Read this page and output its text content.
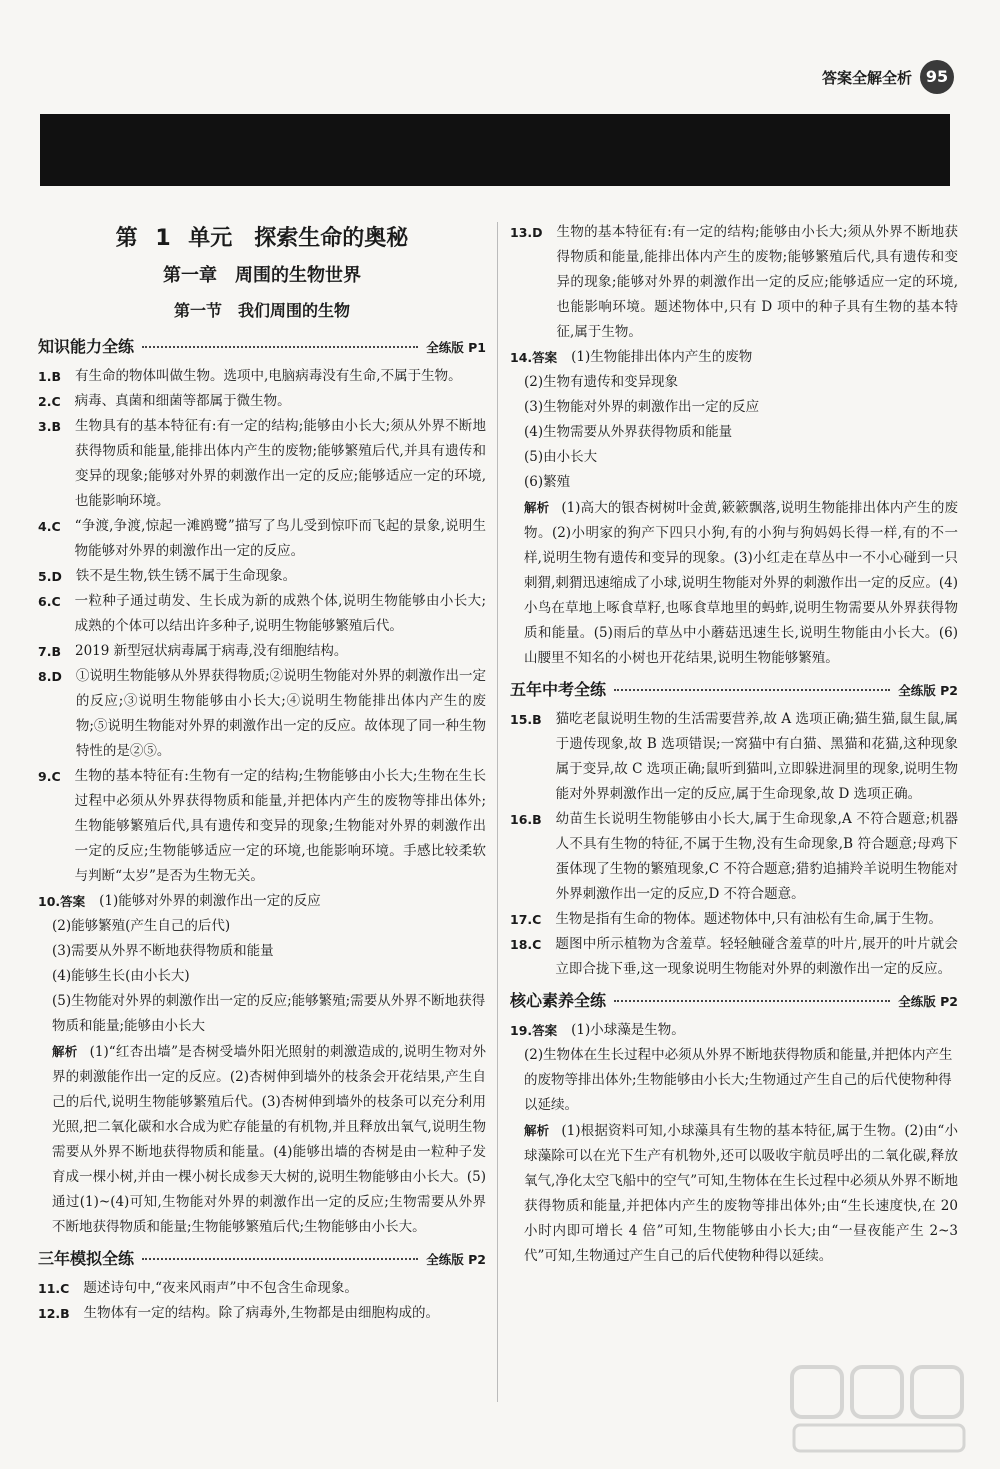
答案全解全析 95
第 1 单元　探索生命的奥秘
第一章　周围的生物世界
第一节　我们周围的生物
知识能力全练	全练版 P1
1.B	有生命的物体叫做生物。选项中,电脑病毒没有生命,不属于生物。
2.C	病毒、真菌和细菌等都属于微生物。
3.B	生物具有的基本特征有:有一定的结构;能够由小长大;须从外界不断地获得物质和能量,能排出体内产生的废物;能够繁殖后代,并具有遗传和变异的现象;能够对外界的刺激作出一定的反应;能够适应一定的环境,也能影响环境。
4.C	“争渡,争渡,惊起一滩鸥鹭”描写了鸟儿受到惊吓而飞起的景象,说明生物能够对外界的刺激作出一定的反应。
5.D	铁不是生物,铁生锈不属于生命现象。
6.C	一粒种子通过萌发、生长成为新的成熟个体,说明生物能够由小长大;成熟的个体可以结出许多种子,说明生物能够繁殖后代。
7.B	2019 新型冠状病毒属于病毒,没有细胞结构。
8.D	①说明生物能够从外界获得物质;②说明生物能对外界的刺激作出一定的反应;③说明生物能够由小长大;④说明生物能排出体内产生的废物;⑤说明生物能对外界的刺激作出一定的反应。故体现了同一种生物特性的是②⑤。
9.C	生物的基本特征有:生物有一定的结构;生物能够由小长大;生物在生长过程中必须从外界获得物质和能量,并把体内产生的废物等排出体外;生物能够繁殖后代,具有遗传和变异的现象;生物能对外界的刺激作出一定的反应;生物能够适应一定的环境,也能影响环境。手感比较柔软与判断“太岁”是否为生物无关。
10.答案	(1)能够对外界的刺激作出一定的反应
(2)能够繁殖(产生自己的后代)
(3)需要从外界不断地获得物质和能量
(4)能够生长(由小长大)
(5)生物能对外界的刺激作出一定的反应;能够繁殖;需要从外界不断地获得物质和能量;能够由小长大
解析 (1)“红杏出墙”是杏树受墙外阳光照射的刺激造成的,说明生物对外界的刺激能作出一定的反应。(2)杏树伸到墙外的枝条会开花结果,产生自己的后代,说明生物能够繁殖后代。(3)杏树伸到墙外的枝条可以充分利用光照,把二氧化碳和水合成为贮存能量的有机物,并且释放出氧气,说明生物需要从外界不断地获得物质和能量。(4)能够出墙的杏树是由一粒种子发育成一棵小树,并由一棵小树长成参天大树的,说明生物能够由小长大。(5)通过(1)~(4)可知,生物能对外界的刺激作出一定的反应;生物需要从外界不断地获得物质和能量;生物能够繁殖后代;生物能够由小长大。
三年模拟全练	全练版 P2
11.C	题述诗句中,“夜来风雨声”中不包含生命现象。
12.B	生物体有一定的结构。除了病毒外,生物都是由细胞构成的。
13.D	生物的基本特征有:有一定的结构;能够由小长大;须从外界不断地获得物质和能量,能排出体内产生的废物;能够繁殖后代,具有遗传和变异的现象;能够对外界的刺激作出一定的反应;能够适应一定的环境,也能影响环境。题述物体中,只有 D 项中的种子具有生物的基本特征,属于生物。
14.答案	(1)生物能排出体内产生的废物
(2)生物有遗传和变异现象
(3)生物能对外界的刺激作出一定的反应
(4)生物需要从外界获得物质和能量
(5)由小长大
(6)繁殖
解析 (1)高大的银杏树树叶金黄,簌簌飘落,说明生物能排出体内产生的废物。(2)小明家的狗产下四只小狗,有的小狗与狗妈妈长得一样,有的不一样,说明生物有遗传和变异的现象。(3)小红走在草丛中一不小心碰到一只刺猬,刺猬迅速缩成了小球,说明生物能对外界的刺激作出一定的反应。(4)小鸟在草地上啄食草籽,也啄食草地里的蚂蚱,说明生物需要从外界获得物质和能量。(5)雨后的草丛中小蘑菇迅速生长,说明生物能由小长大。(6)山腰里不知名的小树也开花结果,说明生物能够繁殖。
五年中考全练	全练版 P2
15.B	猫吃老鼠说明生物的生活需要营养,故 A 选项正确;猫生猫,鼠生鼠,属于遗传现象,故 B 选项错误;一窝猫中有白猫、黑猫和花猫,这种现象属于变异,故 C 选项正确;鼠听到猫叫,立即躲进洞里的现象,说明生物能对外界刺激作出一定的反应,属于生命现象,故 D 选项正确。
16.B	幼苗生长说明生物能够由小长大,属于生命现象,A 不符合题意;机器人不具有生物的特征,不属于生物,没有生命现象,B 符合题意;母鸡下蛋体现了生物的繁殖现象,C 不符合题意;猎豹追捕羚羊说明生物能对外界刺激作出一定的反应,D 不符合题意。
17.C	生物是指有生命的物体。题述物体中,只有油松有生命,属于生物。
18.C	题图中所示植物为含羞草。轻轻触碰含羞草的叶片,展开的叶片就会立即合拢下垂,这一现象说明生物能对外界的刺激作出一定的反应。
核心素养全练	全练版 P2
19.答案	(1)小球藻是生物。
(2)生物体在生长过程中必须从外界不断地获得物质和能量,并把体内产生的废物等排出体外;生物能够由小长大;生物通过产生自己的后代使物种得以延续。
解析 (1)根据资料可知,小球藻具有生物的基本特征,属于生物。(2)由“小球藻除可以在光下生产有机物外,还可以吸收宇航员呼出的二氧化碳,释放氧气,净化太空飞船中的空气”可知,生物体在生长过程中必须从外界不断地获得物质和能量,并把体内产生的废物等排出体外;由“生长速度快,在 20 小时内即可增长 4 倍”可知,生物能够由小长大;由“一昼夜能产生 2~3 代”可知,生物通过产生自己的后代使物种得以延续。
